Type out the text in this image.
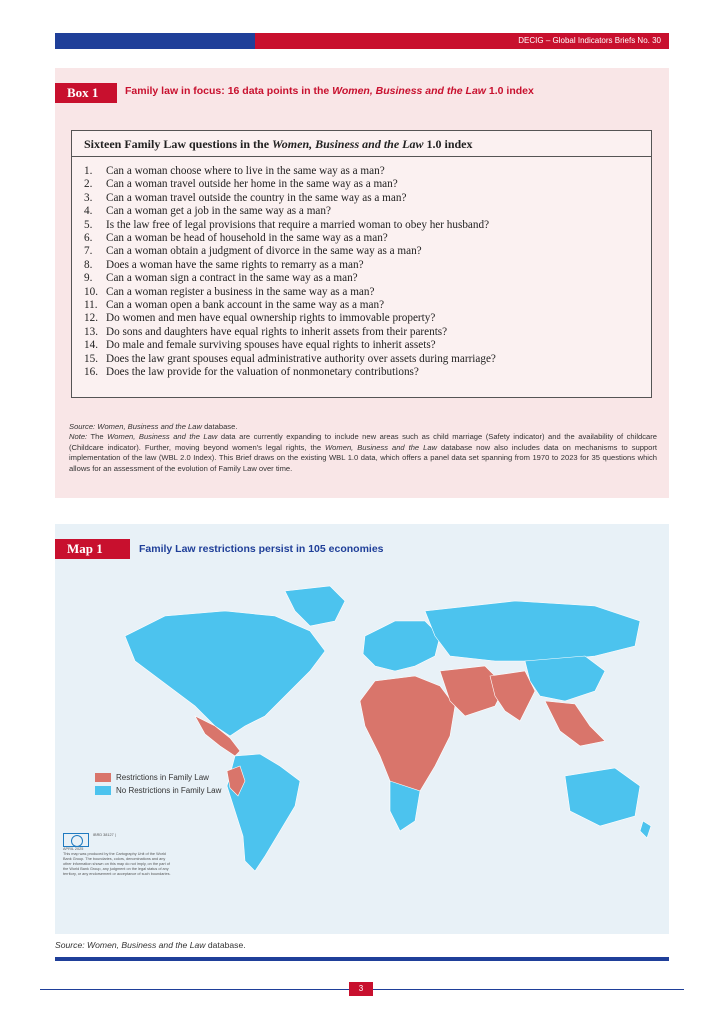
DECIG – Global Indicators Briefs No. 30
Box 1	Family law in focus: 16 data points in the Women, Business and the Law 1.0 index
Sixteen Family Law questions in the Women, Business and the Law 1.0 index
1.	Can a woman choose where to live in the same way as a man?
2.	Can a woman travel outside her home in the same way as a man?
3.	Can a woman travel outside the country in the same way as a man?
4.	Can a woman get a job in the same way as a man?
5.	Is the law free of legal provisions that require a married woman to obey her husband?
6.	Can a woman be head of household in the same way as a man?
7.	Can a woman obtain a judgment of divorce in the same way as a man?
8.	Does a woman have the same rights to remarry as a man?
9.	Can a woman sign a contract in the same way as a man?
10. Can a woman register a business in the same way as a man?
11. Can a woman open a bank account in the same way as a man?
12. Do women and men have equal ownership rights to immovable property?
13. Do sons and daughters have equal rights to inherit assets from their parents?
14. Do male and female surviving spouses have equal rights to inherit assets?
15. Does the law grant spouses equal administrative authority over assets during marriage?
16. Does the law provide for the valuation of nonmonetary contributions?
Source: Women, Business and the Law database.
Note: The Women, Business and the Law data are currently expanding to include new areas such as child marriage (Safety indicator) and the availability of childcare (Childcare indicator). Further, moving beyond women's legal rights, the Women, Business and the Law database now also includes data on mechanisms to support implementation of the law (WBL 2.0 Index). This Brief draws on the existing WBL 1.0 data, which offers a panel data set spanning from 1970 to 2023 for 35 questions which allows for an assessment of the evolution of Family Law over time.
Map 1	Family Law restrictions persist in 105 economies
Restrictions in Family Law
No Restrictions in Family Law
IBRD 38127 |
APRIL 2025
This map was produced by the Cartography Unit of the World Bank Group. The boundaries, colors, denominations and any other information shown on this map do not imply, on the part of the World Bank Group, any judgment on the legal status of any territory, or any endorsement or acceptance of such boundaries.
Source: Women, Business and the Law database.
3
